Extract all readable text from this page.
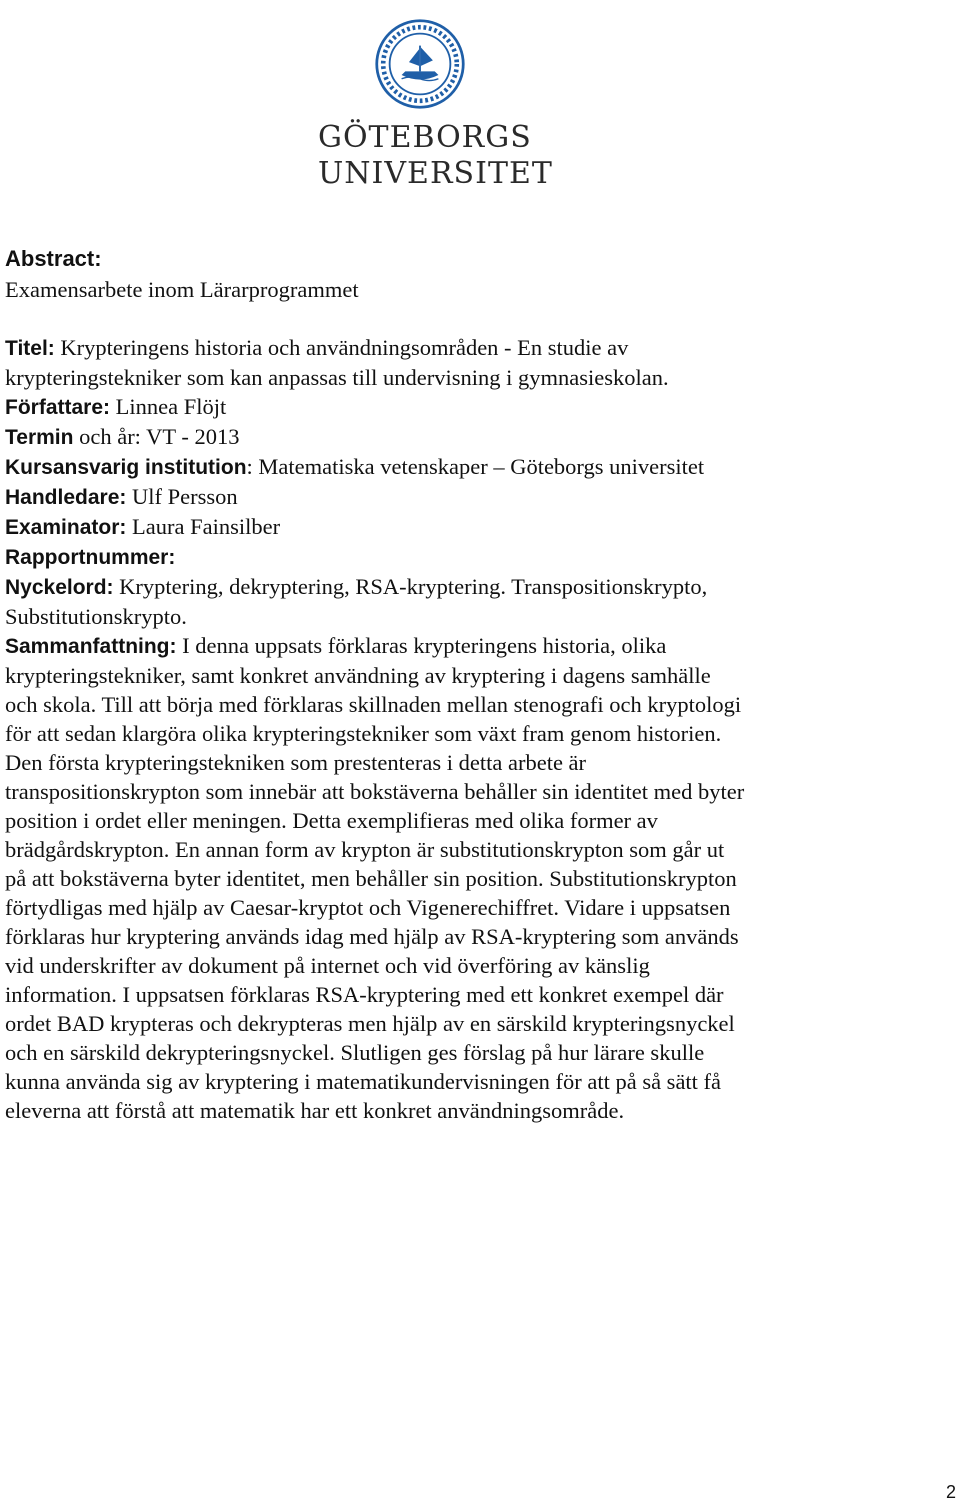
GÖTEBORGS
UNIVERSITET
Abstract:
Examensarbete inom Lärarprogrammet
Titel: Krypteringens historia och användningsområden - En studie av
krypteringstekniker som kan anpassas till undervisning i gymnasieskolan.
Författare: Linnea Flöjt
Termin och år: VT - 2013
Kursansvarig institution: Matematiska vetenskaper – Göteborgs universitet
Handledare: Ulf Persson
Examinator: Laura Fainsilber
Rapportnummer:
Nyckelord: Kryptering, dekryptering, RSA-kryptering. Transpositionskrypto,
Substitutionskrypto.
Sammanfattning: I denna uppsats förklaras krypteringens historia, olika
krypteringstekniker, samt konkret användning av kryptering i dagens samhälle
och skola. Till att börja med förklaras skillnaden mellan stenografi och kryptologi
för att sedan klargöra olika krypteringstekniker som växt fram genom historien.
Den första krypteringstekniken som prestenteras i detta arbete är
transpositionskrypton som innebär att bokstäverna behåller sin identitet med byter
position i ordet eller meningen. Detta exemplifieras med olika former av
brädgårdskrypton. En annan form av krypton är substitutionskrypton som går ut
på att bokstäverna byter identitet, men behåller sin position. Substitutionskrypton
förtydligas med hjälp av Caesar-kryptot och Vigenerechiffret. Vidare i uppsatsen
förklaras hur kryptering används idag med hjälp av RSA-kryptering som används
vid underskrifter av dokument på internet och vid överföring av känslig
information. I uppsatsen förklaras RSA-kryptering med ett konkret exempel där
ordet BAD krypteras och dekrypteras men hjälp av en särskild krypteringsnyckel
och en särskild dekrypteringsnyckel. Slutligen ges förslag på hur lärare skulle
kunna använda sig av kryptering i matematikundervisningen för att på så sätt få
eleverna att förstå att matematik har ett konkret användningsområde.
2
